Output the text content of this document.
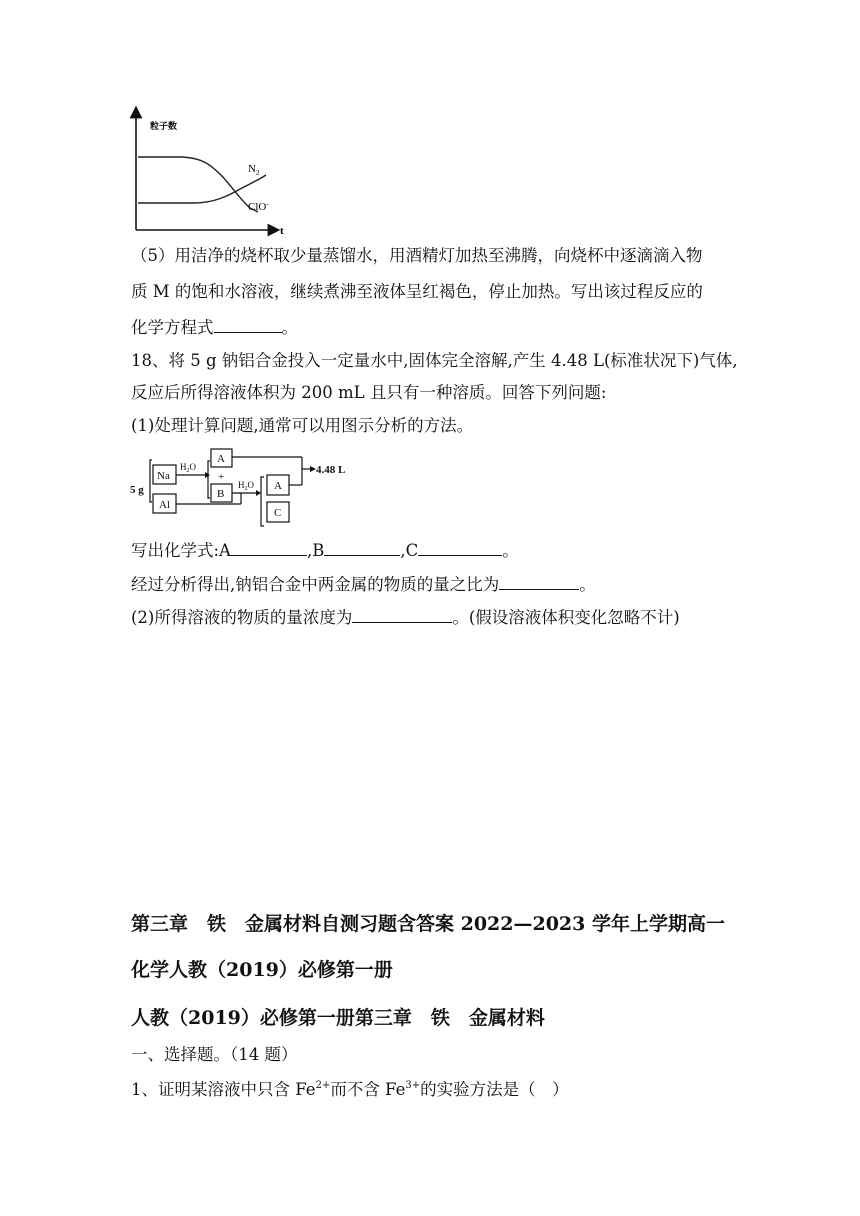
粒子数
t
$N_2$
ClO-
（5）用洁净的烧杯取少量蒸馏水，用酒精灯加热至沸腾，向烧杯中逐滴滴入物
质 M 的饱和水溶液，继续煮沸至液体呈红褐色，停止加热。写出该过程反应的
化学方程式	。
18、将 5 g 钠铝合金投入一定量水中,固体完全溶解,产生 4.48 L(标准状况下)气体,
反应后所得溶液体积为 200 mL 且只有一种溶质。回答下列问题:
(1)处理计算问题,通常可以用图示分析的方法。
5 g
Na
Al
$H_2O$
A
+
B
4.48 L
$H_2O$ A
C
写出化学式:A	,B	,C	。
经过分析得出,钠铝合金中两金属的物质的量之比为	。
(2)所得溶液的物质的量浓度为	。(假设溶液体积变化忽略不计)
第三章　铁　金属材料自测习题含答案 2022—2023 学年上学期高一
化学人教（2019）必修第一册
人教（2019）必修第一册第三章　铁　金属材料
一、选择题。（14 题）
1、证明某溶液中只含 $Fe^{2+}$而不含 $Fe^{3+}$的实验方法是（　）
